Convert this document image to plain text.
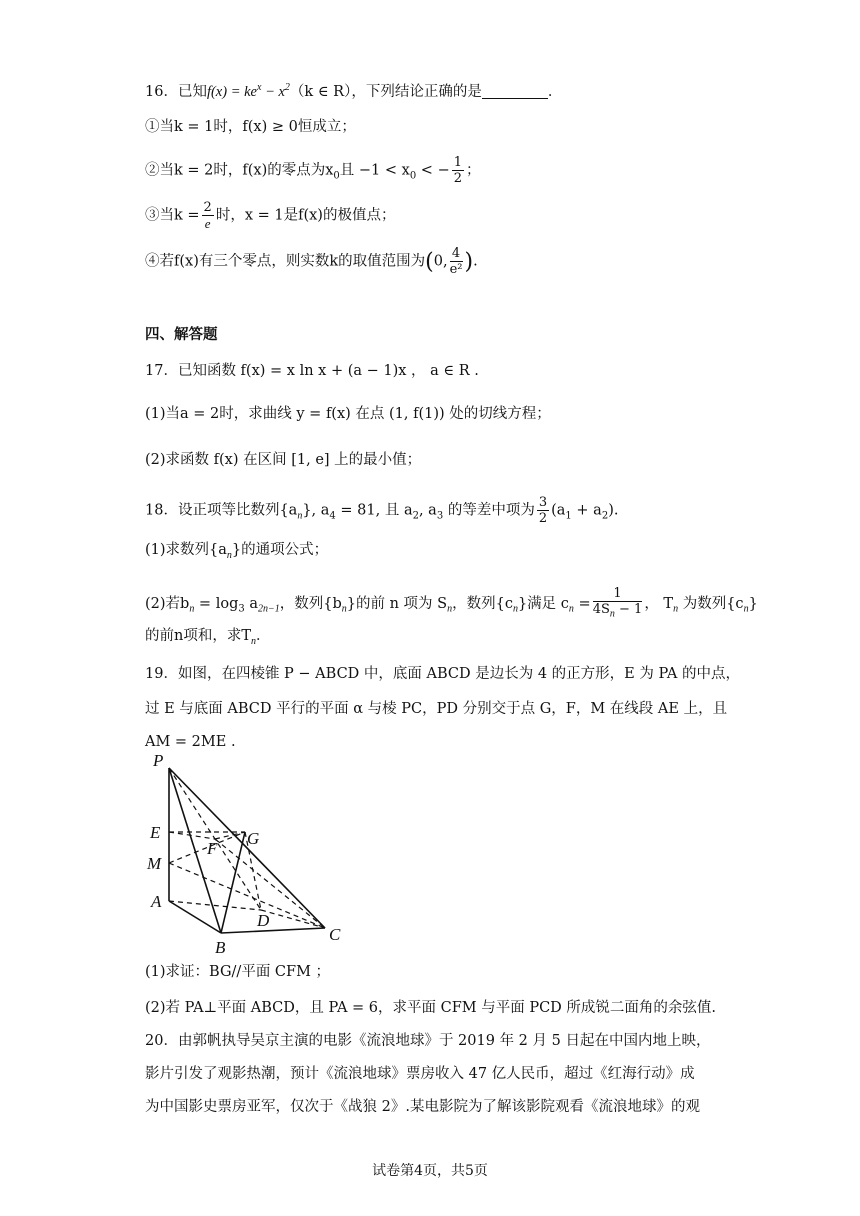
16．已知$f(x) = ke^x - x^2(k$ ∈ R），下列结论正确的是	．
①当k = 1时，f(x) ≥ 0恒成立；
②当k = 2时，f(x)的零点为$x_0$且 $-1 < x_0$ < − $\frac{1}{2}$ ；
③当$k = \frac{2}{e}$ 时，x = 1是f(x)的极值点；
④若f(x)有三个零点，则实数k的取值范围为(0, $\frac{4}{\text{e²}}$ ).
四、解答题
17．已知函数 f(x) = x ln x + (a − 1)x ， a ∈ R .
(1)当a = 2时，求曲线 y = f(x) 在点 (1, f(1)) 处的切线方程；
(2)求函数 f(x) 在区间 [1, e] 上的最小值；
18．设正项等比数列$\{a_n\}$, $a_4 = 81$, 且 $a_2$, $a_3$ 的等差中项为 $\frac{3}{2} (a_1 + a_2)$.
(1)求数列$\{a_n\}$的通项公式；
(2)若$b_n = \log_3 a_{2n-1}$，数列$\{b_n\}$的前 n 项为 $S_n$，数列$\{c_n\}$满足 $c_n = \frac{1}{4S_n - 1}$ ， $T_n$ 为数列$\{c_n\}$
的前n项和，求$T_n$．
19．如图，在四棱锥 P − ABCD 中，底面 ABCD 是边长为 4 的正方形，E 为 PA 的中点，
过 E 与底面 ABCD 平行的平面 α 与棱 PC，PD 分别交于点 G，F，M 在线段 AE 上，且
AM = 2ME .
P
E
M
A
B
C
D
F
G
(1)求证：BG//平面 CFM ；
(2)若 PA⊥平面 ABCD，且 PA = 6，求平面 CFM 与平面 PCD 所成锐二面角的余弦值.
20．由郭帆执导吴京主演的电影《流浪地球》于 2019 年 2 月 5 日起在中国内地上映，
影片引发了观影热潮，预计《流浪地球》票房收入 47 亿人民币，超过《红海行动》成
为中国影史票房亚军，仅次于《战狼 2》.某电影院为了解该影院观看《流浪地球》的观
试卷第4页，共5页
